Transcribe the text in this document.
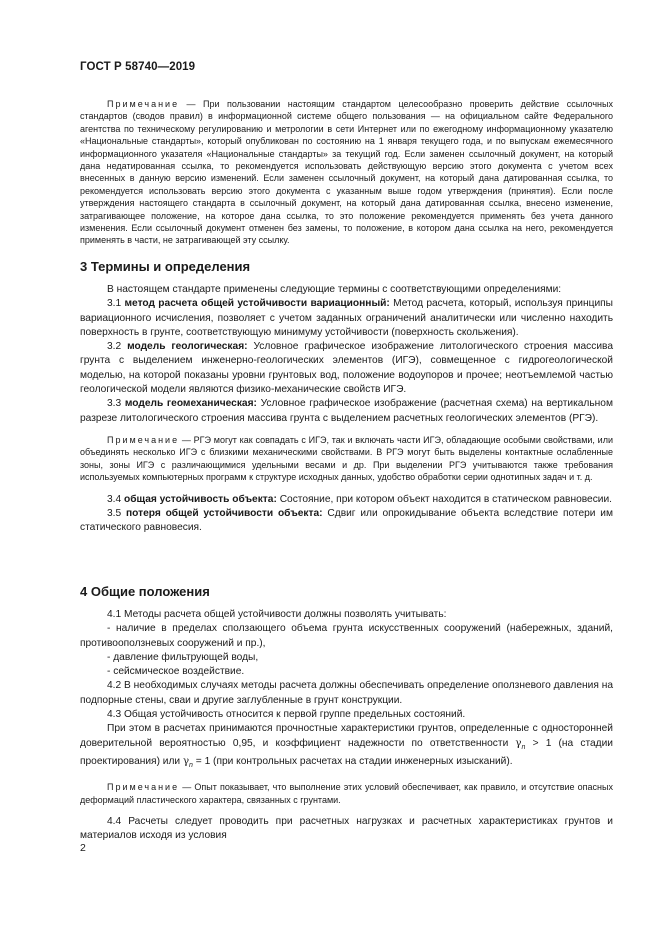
ГОСТ Р 58740—2019

Примечание — При пользовании настоящим стандартом целесообразно проверить действие ссылочных стандартов (сводов правил) в информационной системе общего пользования — на официальном сайте Федерального агентства по техническому регулированию и метрологии в сети Интернет или по ежегодному информационному указателю «Национальные стандарты», который опубликован по состоянию на 1 января текущего года, и по выпускам ежемесячного информационного указателя «Национальные стандарты» за текущий год. Если заменен ссылочный документ, на который дана недатированная ссылка, то рекомендуется использовать действующую версию этого документа с учетом всех внесенных в данную версию изменений. Если заменен ссылочный документ, на который дана датированная ссылка, то рекомендуется использовать версию этого документа с указанным выше годом утверждения (принятия). Если после утверждения настоящего стандарта в ссылочный документ, на который дана датированная ссылка, внесено изменение, затрагивающее положение, на которое дана ссылка, то это положение рекомендуется применять без учета данного изменения. Если ссылочный документ отменен без замены, то положение, в котором дана ссылка на него, рекомендуется применять в части, не затрагивающей эту ссылку.

3 Термины и определения

В настоящем стандарте применены следующие термины с соответствующими определениями:

3.1 метод расчета общей устойчивости вариационный: Метод расчета, который, используя принципы вариационного исчисления, позволяет с учетом заданных ограничений аналитически или численно находить поверхность в грунте, соответствующую минимуму устойчивости (поверхность скольжения).

3.2 модель геологическая: Условное графическое изображение литологического строения массива грунта с выделением инженерно-геологических элементов (ИГЭ), совмещенное с гидрогеологической моделью, на которой показаны уровни грунтовых вод, положение водоупоров и прочее; неотъемлемой частью геологической модели являются физико-механические свойств ИГЭ.

3.3 модель геомеханическая: Условное графическое изображение (расчетная схема) на вертикальном разрезе литологического строения массива грунта с выделением расчетных геологических элементов (РГЭ).

Примечание — РГЭ могут как совпадать с ИГЭ, так и включать части ИГЭ, обладающие особыми свойствами, или объединять несколько ИГЭ с близкими механическими свойствами. В РГЭ могут быть выделены контактные ослабленные зоны, зоны ИГЭ с различающимися удельными весами и др. При выделении РГЭ учитываются также требования используемых компьютерных программ к структуре исходных данных, удобство обработки серии однотипных задач и т. д.

3.4 общая устойчивость объекта: Состояние, при котором объект находится в статическом равновесии.

3.5 потеря общей устойчивости объекта: Сдвиг или опрокидывание объекта вследствие потери им статического равновесия.

4 Общие положения

4.1 Методы расчета общей устойчивости должны позволять учитывать:

- наличие в пределах сползающего объема грунта искусственных сооружений (набережных, зданий, противооползневых сооружений и пр.),

- давление фильтрующей воды,

- сейсмическое воздействие.

4.2 В необходимых случаях методы расчета должны обеспечивать определение оползневого давления на подпорные стены, сваи и другие заглубленные в грунт конструкции.

4.3 Общая устойчивость относится к первой группе предельных состояний.

При этом в расчетах принимаются прочностные характеристики грунтов, определенные с односторонней доверительной вероятностью 0,95, и коэффициент надежности по ответственности $\gamma_n > 1$ (на стадии проектирования) или $\gamma_n = 1$ (при контрольных расчетах на стадии инженерных изысканий).

Примечание — Опыт показывает, что выполнение этих условий обеспечивает, как правило, и отсутствие опасных деформаций пластического характера, связанных с грунтами.

4.4 Расчеты следует проводить при расчетных нагрузках и расчетных характеристиках грунтов и материалов исходя из условия

2
